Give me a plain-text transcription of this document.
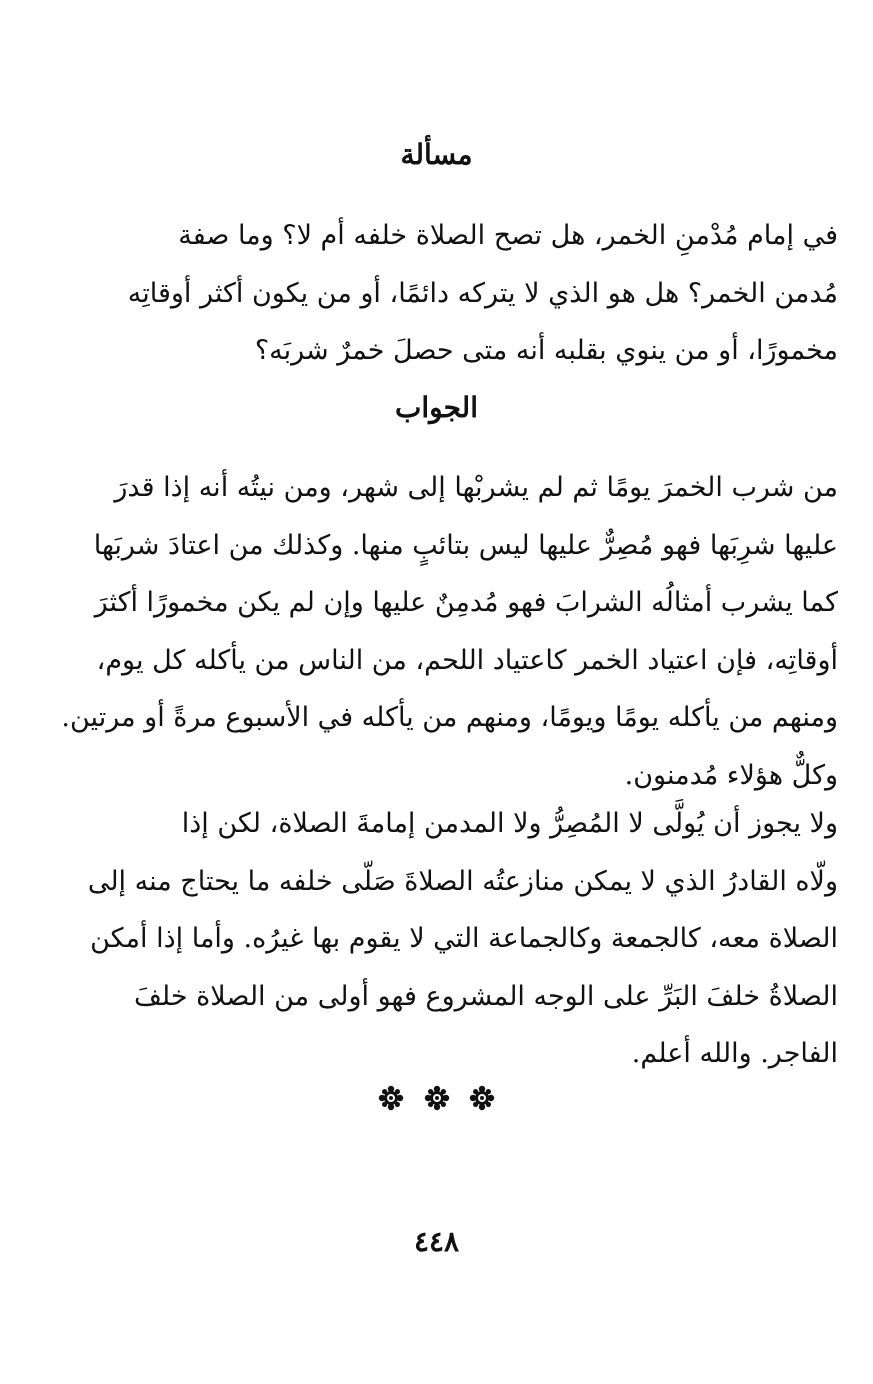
مسألة

في إمام مُدْمنِ الخمر، هل تصح الصلاة خلفه أم لا؟ وما صفة
مُدمن الخمر؟ هل هو الذي لا يتركه دائمًا، أو من يكون أكثر أوقاتِه
مخمورًا، أو من ينوي بقلبه أنه متى حصلَ خمرٌ شربَه؟

الجواب

من شرب الخمرَ يومًا ثم لم يشربْها إلى شهر، ومن نيتُه أنه إذا قدرَ
عليها شرِبَها فهو مُصِرٌّ عليها ليس بتائبٍ منها. وكذلك من اعتادَ شربَها
كما يشرب أمثالُه الشرابَ فهو مُدمِنٌ عليها وإن لم يكن مخمورًا أكثرَ
أوقاتِه، فإن اعتياد الخمر كاعتياد اللحم، من الناس من يأكله كل يوم،
ومنهم من يأكله يومًا ويومًا، ومنهم من يأكله في الأسبوع مرةً أو مرتين.
وكلٌّ هؤلاء مُدمنون.

ولا يجوز أن يُولَّى لا المُصِرُّ ولا المدمن إمامةَ الصلاة، لكن إذا
ولّاه القادرُ الذي لا يمكن منازعتُه الصلاةَ صَلّى خلفه ما يحتاج منه إلى
الصلاة معه، كالجمعة وكالجماعة التي لا يقوم بها غيرُه. وأما إذا أمكن
الصلاةُ خلفَ البَرِّ على الوجه المشروع فهو أولى من الصلاة خلفَ
الفاجر. والله أعلم.

٤٤٨
